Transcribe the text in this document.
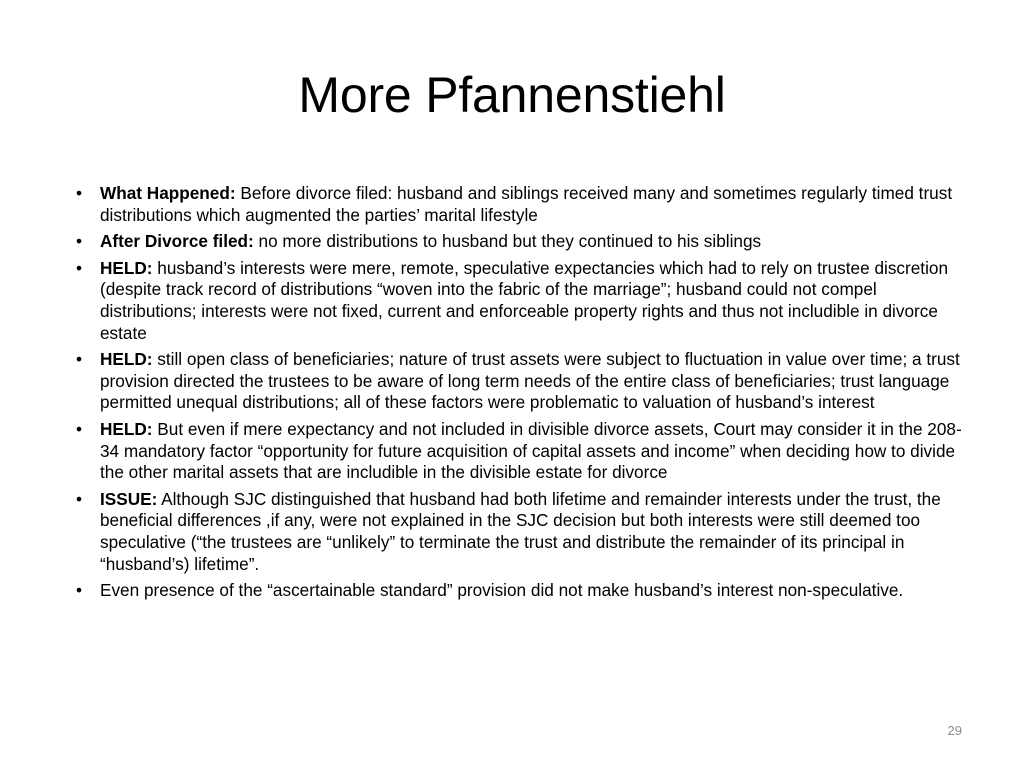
More Pfannenstiehl
•	What Happened: Before divorce filed: husband and siblings received many and sometimes regularly timed trust distributions which augmented the parties’ marital lifestyle
•	After Divorce filed: no more distributions to husband but they continued to his siblings
•	HELD: husband’s interests were mere, remote, speculative expectancies which had to rely on trustee discretion (despite track record of distributions “woven into the fabric of the marriage”; husband could not compel distributions; interests were not fixed, current and enforceable property rights and thus not includible in divorce estate
•	HELD: still open class of beneficiaries; nature of trust assets were subject to fluctuation in value over time; a trust provision directed the trustees to be aware of long term needs of the entire class of beneficiaries; trust language permitted unequal distributions; all of these factors were problematic to valuation of husband’s interest
•	HELD: But even if mere expectancy and not included in divisible divorce assets, Court may consider it in the 208-34 mandatory factor “opportunity for future acquisition of capital assets and income” when deciding how to divide the other marital assets that are includible in the divisible estate for divorce
•	ISSUE: Although SJC distinguished that husband had both lifetime and remainder interests under the trust, the beneficial differences ,if any, were not explained in the SJC decision but both interests were still deemed too speculative (“the trustees are “unlikely” to terminate the trust and distribute the remainder of its principal in “husband’s) lifetime”.
•	Even presence of the “ascertainable standard” provision did not make husband’s interest non-speculative.
29
